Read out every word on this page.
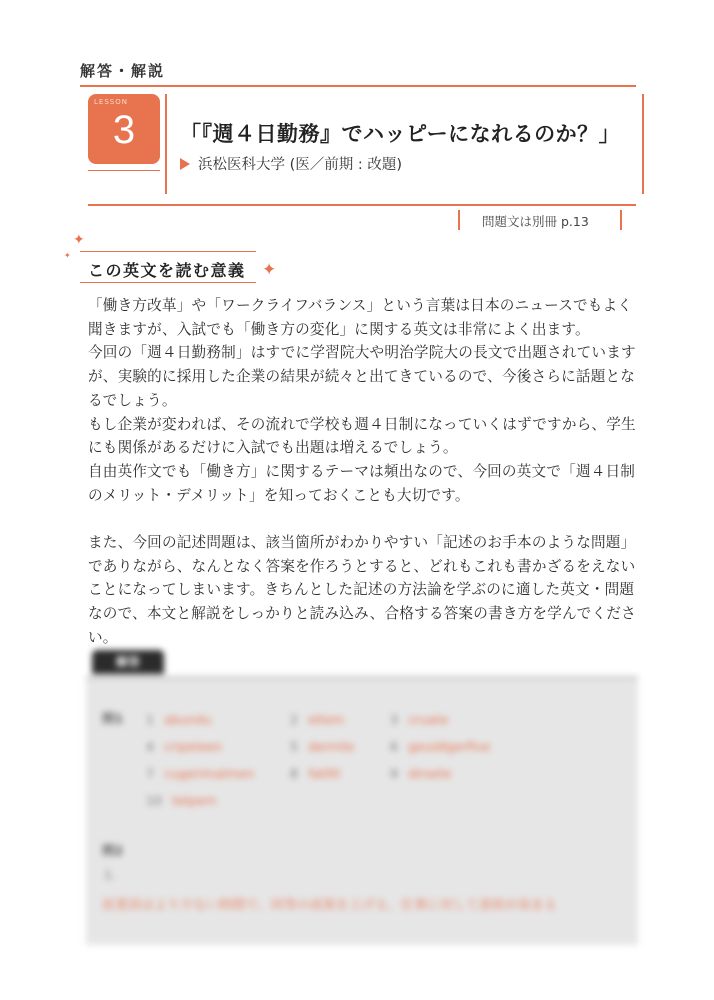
解答・解説
LESSON
3	「『週４日勤務』でハッピーになれるのか？」
浜松医科大学 (医／前期 : 改題)
問題文は別冊 p.13
✦
✦
この英文を読む意義 ✦

「働き方改革」や「ワークライフバランス」という言葉は日本のニュースでもよく聞きますが、入試でも「働き方の変化」に関する英文は非常によく出ます。

今回の「週４日勤務制」はすでに学習院大や明治学院大の長文で出題されていますが、実験的に採用した企業の結果が続々と出てきているので、今後さらに話題となるでしょう。

もし企業が変われば、その流れで学校も週４日制になっていくはずですから、学生にも関係があるだけに入試でも出題は増えるでしょう。

自由英作文でも「働き方」に関するテーマは頻出なので、今回の英文で「週４日制のメリット・デメリット」を知っておくことも大切です。

また、今回の記述問題は、該当箇所がわかりやすい「記述のお手本のような問題」でありながら、なんとなく答案を作ろうとすると、どれもこれも書かざるをえないことになってしまいます。きちんとした記述の方法論を学ぶのに適した英文・問題なので、本文と解説をしっかりと読み込み、合格する答案の書き方を学んでください。

解答
問1 1 abundu	2 eltem	3 cruate
4 cripeleen	5 derrnte	6 geuidlgerfive
7 cugerimalmen	8 fatlltl	9 dirsete
10 telpern
問2
1.
従業員はより少ない時間で、同等の成果を上げる、仕事に対して意欲が高まる
